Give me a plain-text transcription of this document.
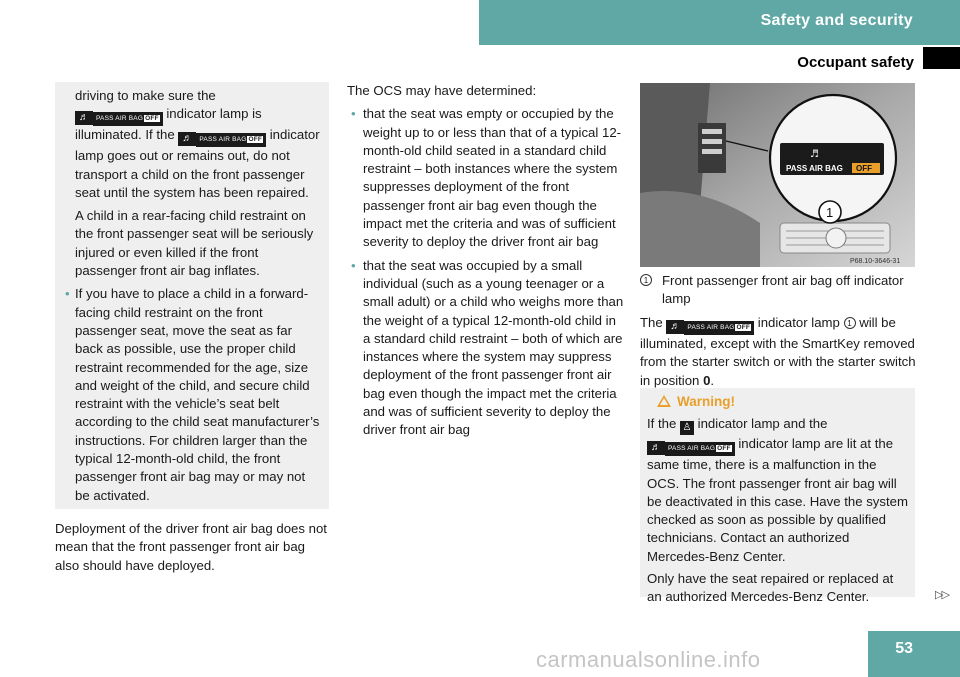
Safety and security
Occupant safety

driving to make sure the
♬ PASS AIR BAG OFF indicator lamp is illuminated. If the ♬ PASS AIR BAG OFF indicator lamp goes out or remains out, do not transport a child on the front passenger seat until the system has been repaired.

A child in a rear-facing child restraint on the front passenger seat will be seriously injured or even killed if the front passenger front air bag inflates.

• If you have to place a child in a forward-facing child restraint on the front passenger seat, move the seat as far back as possible, use the proper child restraint recommended for the age, size and weight of the child, and secure child restraint with the vehicle’s seat belt according to the child seat manufacturer’s instructions. For children larger than the typical 12-month-old child, the front passenger front air bag may or may not be activated.

Deployment of the driver front air bag does not mean that the front passenger front air bag also should have deployed.

The OCS may have determined:

• that the seat was empty or occupied by the weight up to or less than that of a typical 12-month-old child seated in a standard child restraint – both instances where the system suppresses deployment of the front passenger front air bag even though the impact met the criteria and was of sufficient severity to deploy the driver front air bag

• that the seat was occupied by a small individual (such as a young teenager or a small adult) or a child who weighs more than the weight of a typical 12-month-old child in a standard child restraint – both of which are instances where the system may suppress deployment of the front passenger front air bag even though the impact met the criteria and was of sufficient severity to deploy the driver front air bag

♬
PASS AIR BAG OFF
1
P68.10-3646-31
1 Front passenger front air bag off indicator lamp
The ♬ PASS AIR BAG OFF indicator lamp 1 will be illuminated, except with the SmartKey removed from the starter switch or with the starter switch in position 0.

Warning!

If the ♙ indicator lamp and the
♬ PASS AIR BAG OFF indicator lamp are lit at the same time, there is a malfunction in the OCS. The front passenger front air bag will be deactivated in this case. Have the system checked as soon as possible by qualified technicians. Contact an authorized Mercedes-Benz Center.

Only have the seat repaired or replaced at an authorized Mercedes-Benz Center.	▷▷
carmanualsonline.info	53
